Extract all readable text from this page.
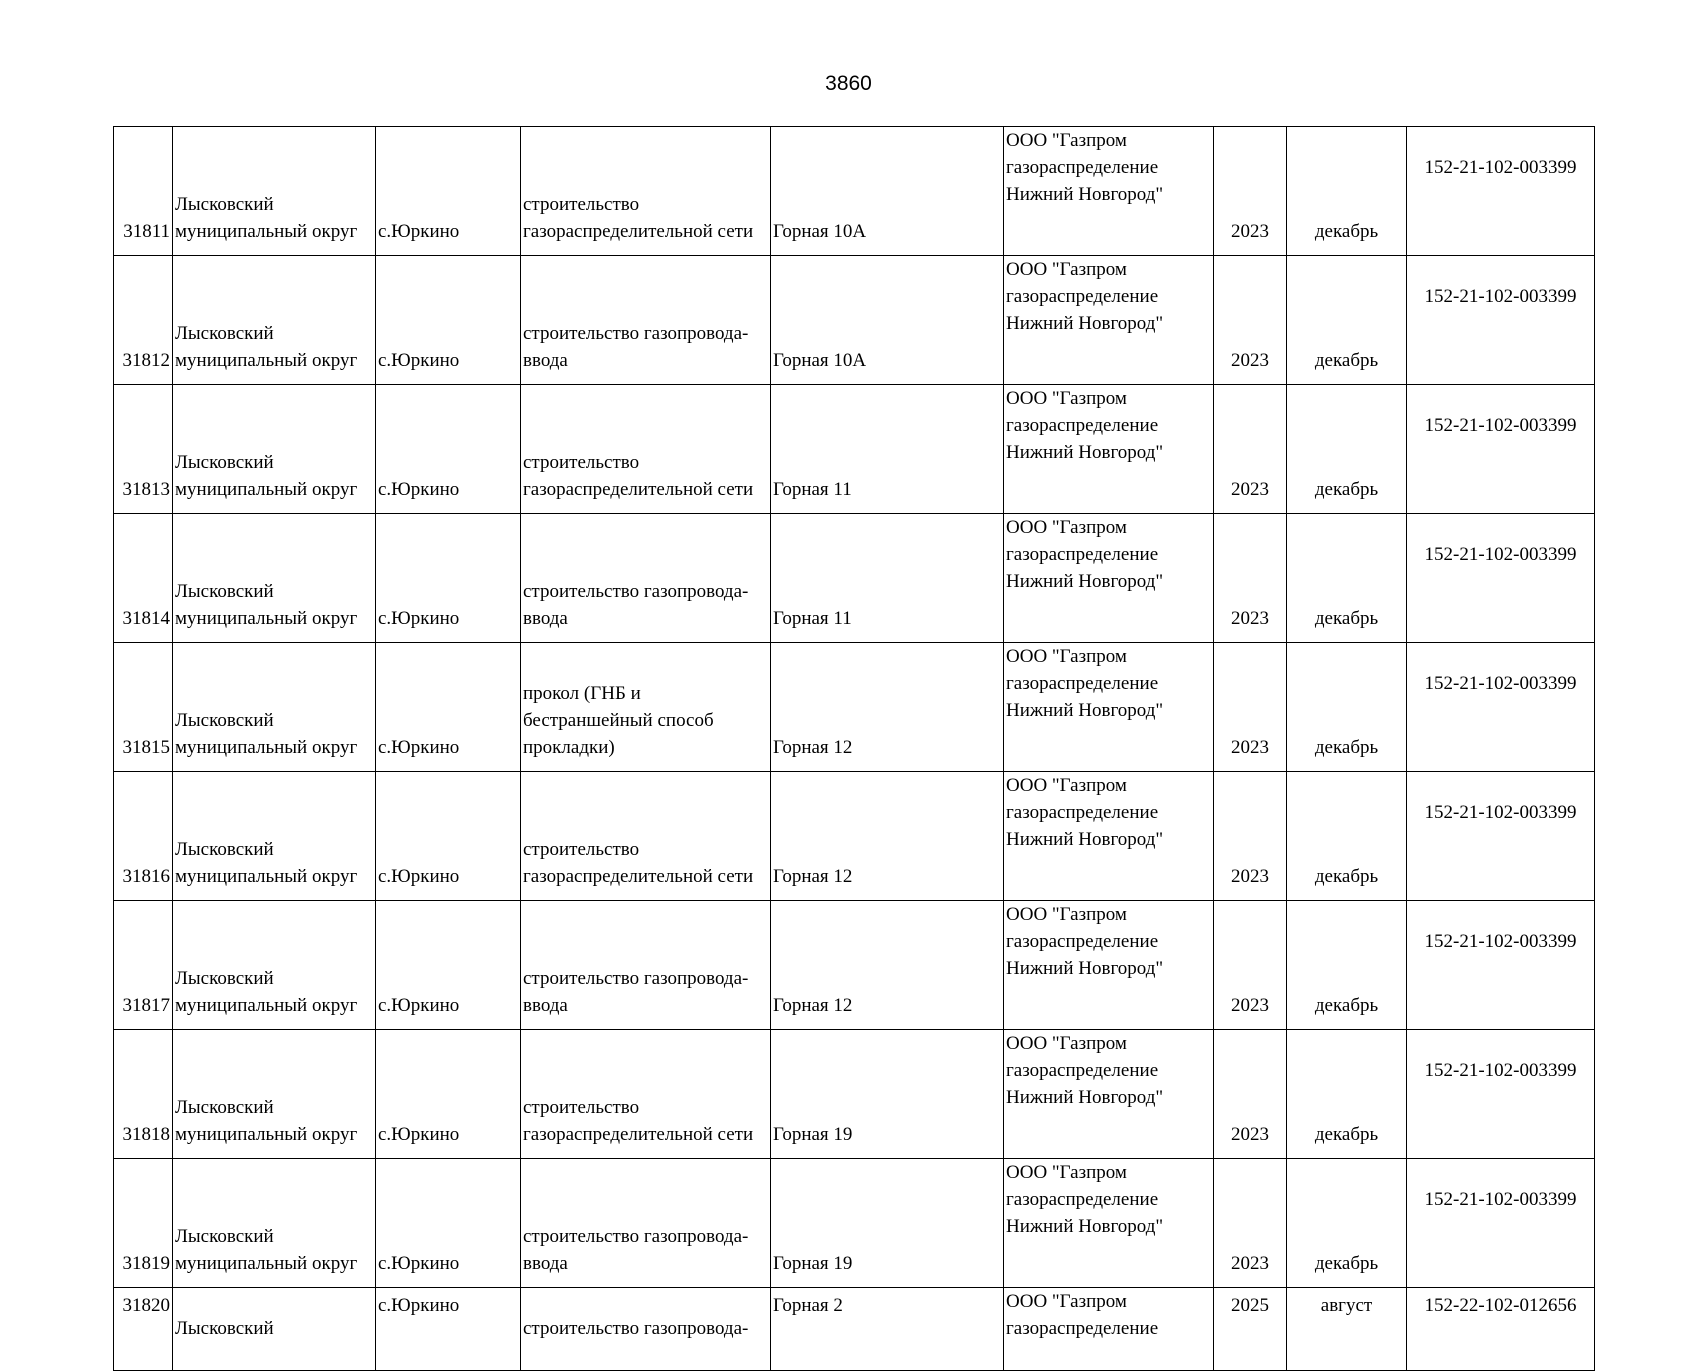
3860
31811	Лысковский
муниципальный округ	с.Юркино	строительство
газораспределительной сети	Горная 10А	ООО "Газпром
газораспределение
Нижний Новгород"	2023	декабрь	152-21-102-003399
31812	Лысковский
муниципальный округ	с.Юркино	строительство газопровода-
ввода	Горная 10А	ООО "Газпром
газораспределение
Нижний Новгород"	2023	декабрь	152-21-102-003399
31813	Лысковский
муниципальный округ	с.Юркино	строительство
газораспределительной сети	Горная 11	ООО "Газпром
газораспределение
Нижний Новгород"	2023	декабрь	152-21-102-003399
31814	Лысковский
муниципальный округ	с.Юркино	строительство газопровода-
ввода	Горная 11	ООО "Газпром
газораспределение
Нижний Новгород"	2023	декабрь	152-21-102-003399
31815	Лысковский
муниципальный округ	с.Юркино	прокол (ГНБ и
бестраншейный способ
прокладки)	Горная 12	ООО "Газпром
газораспределение
Нижний Новгород"	2023	декабрь	152-21-102-003399
31816	Лысковский
муниципальный округ	с.Юркино	строительство
газораспределительной сети	Горная 12	ООО "Газпром
газораспределение
Нижний Новгород"	2023	декабрь	152-21-102-003399
31817	Лысковский
муниципальный округ	с.Юркино	строительство газопровода-
ввода	Горная 12	ООО "Газпром
газораспределение
Нижний Новгород"	2023	декабрь	152-21-102-003399
31818	Лысковский
муниципальный округ	с.Юркино	строительство
газораспределительной сети	Горная 19	ООО "Газпром
газораспределение
Нижний Новгород"	2023	декабрь	152-21-102-003399
31819	Лысковский
муниципальный округ	с.Юркино	строительство газопровода-
ввода	Горная 19	ООО "Газпром
газораспределение
Нижний Новгород"	2023	декабрь	152-21-102-003399
31820	Лысковский	с.Юркино	строительство газопровода-	Горная 2	ООО "Газпром
газораспределение	2025	август	152-22-102-012656
